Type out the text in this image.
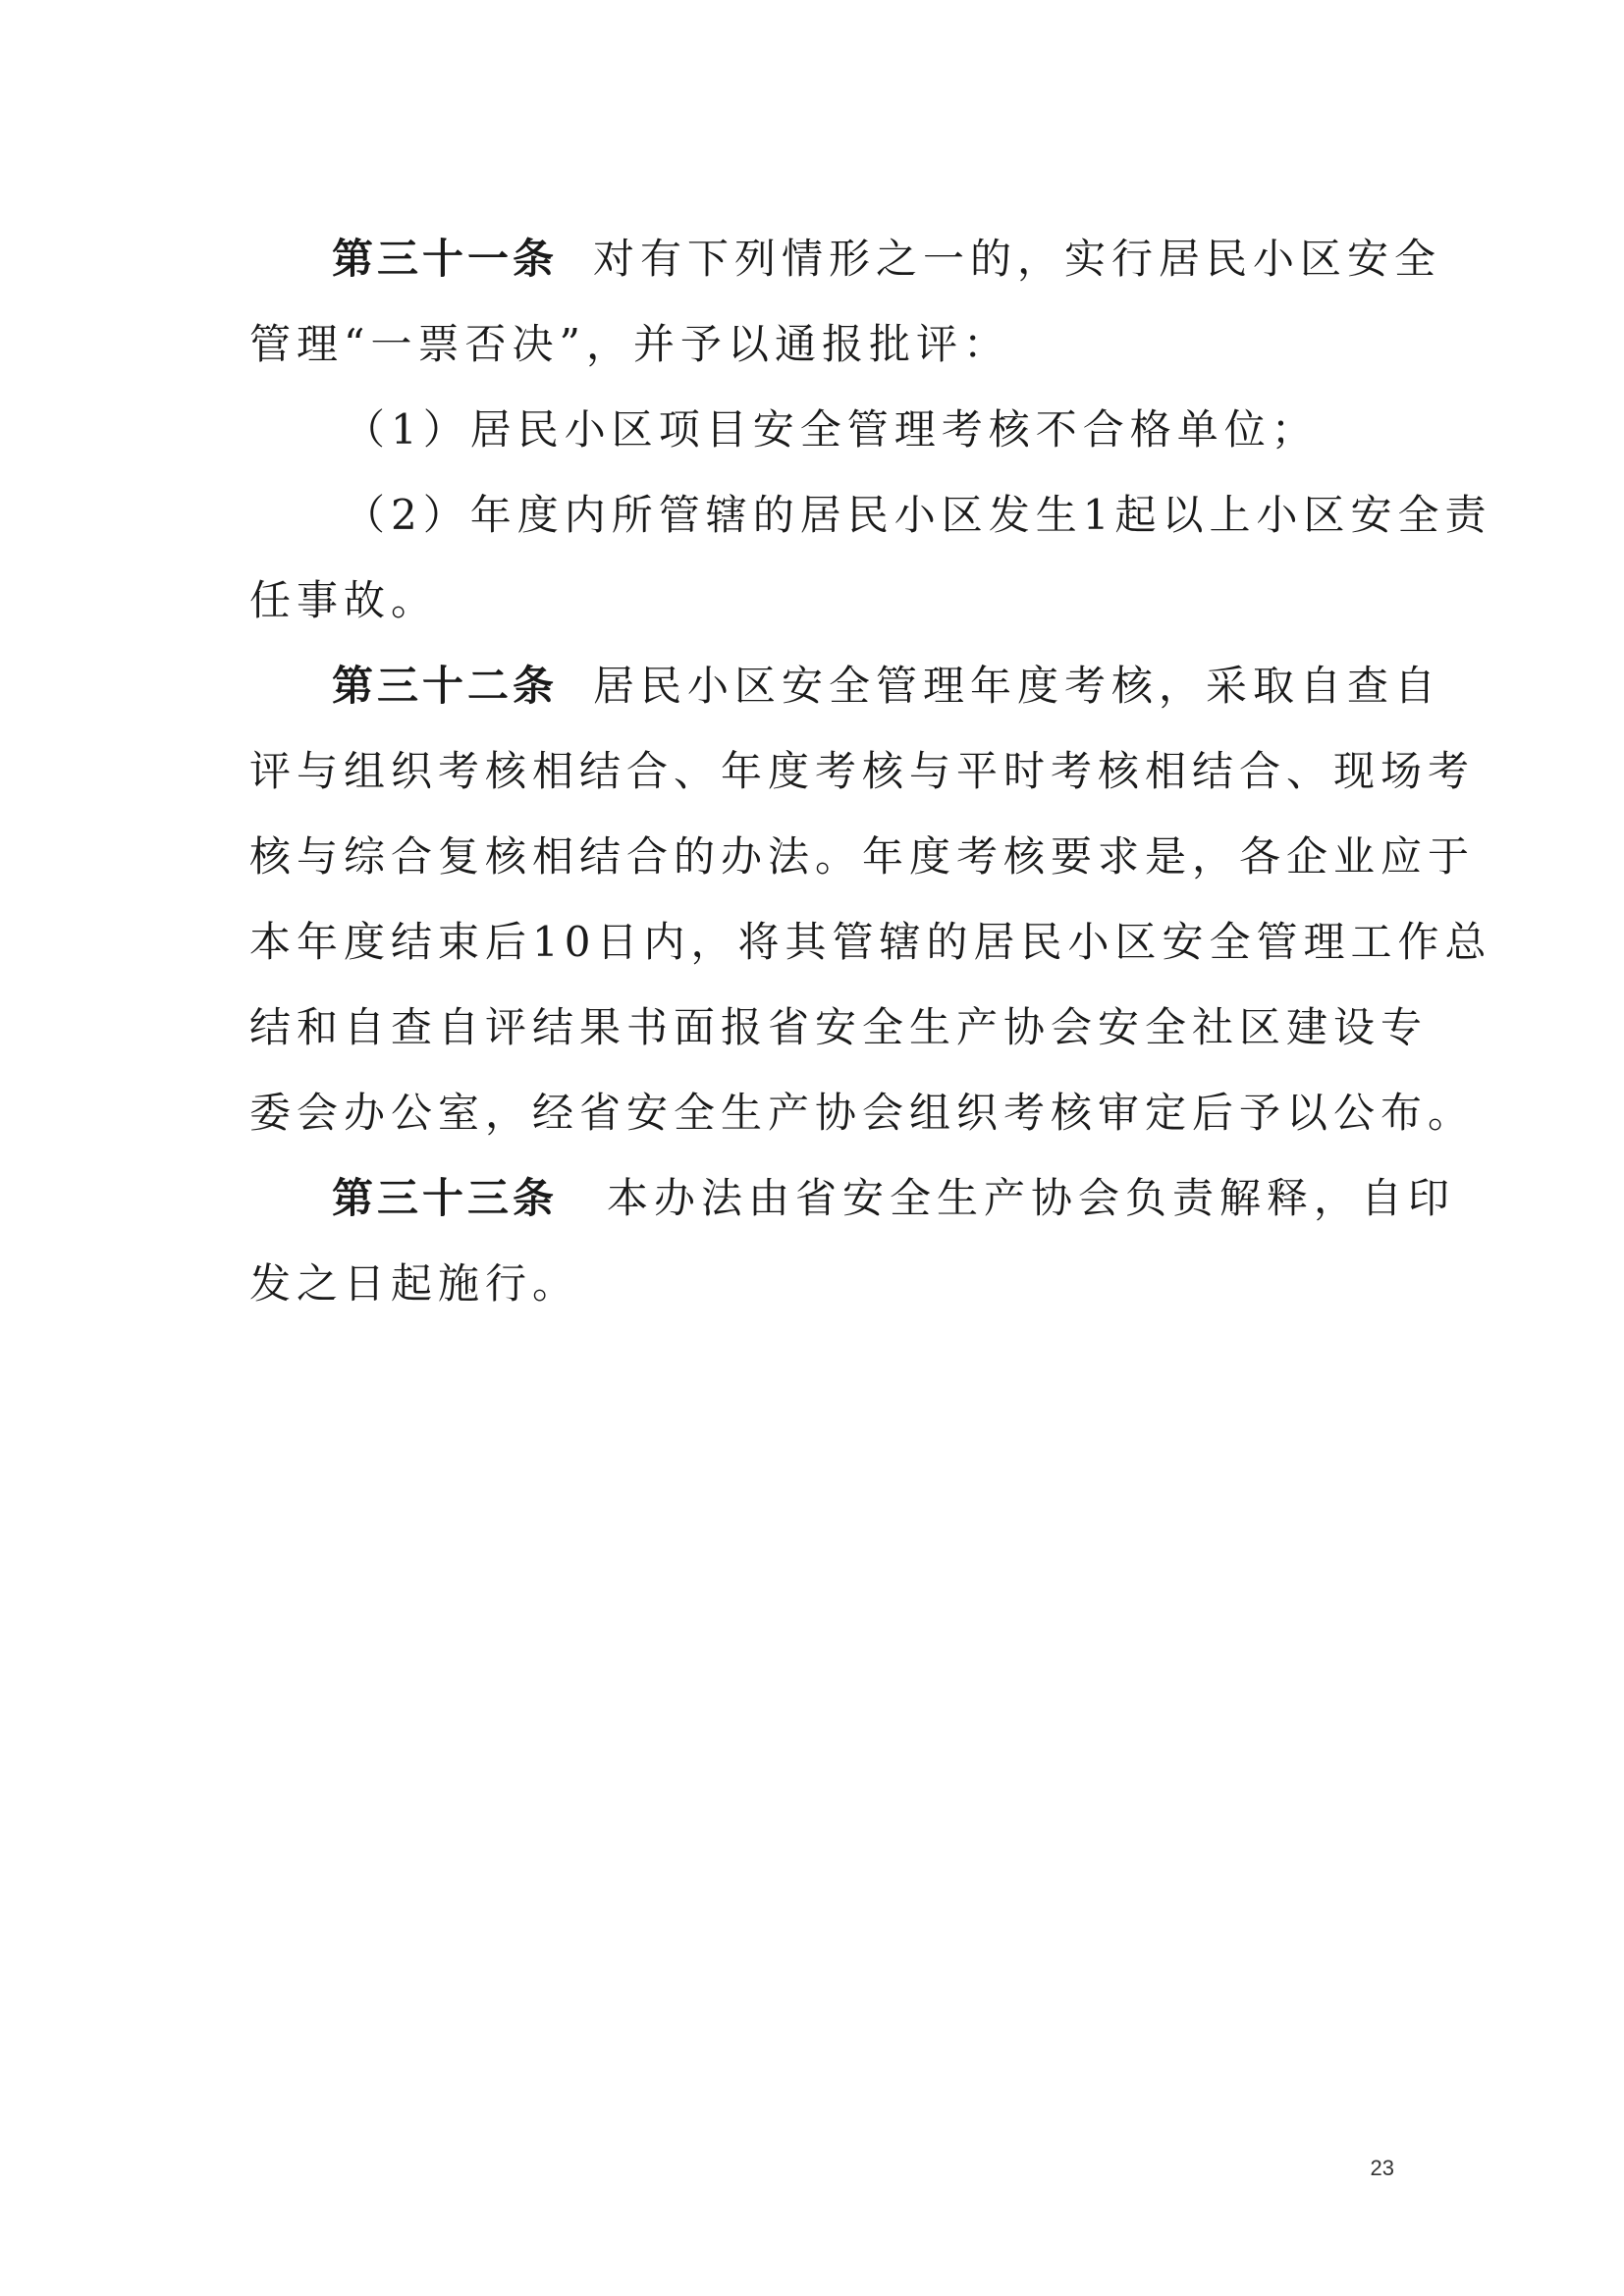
第三十一条 对有下列情形之一的，实行居民小区安全
管理“一票否决”，并予以通报批评：
（1）居民小区项目安全管理考核不合格单位；
（2）年度内所管辖的居民小区发生1起以上小区安全责
任事故。
第三十二条 居民小区安全管理年度考核，采取自查自
评与组织考核相结合、年度考核与平时考核相结合、现场考
核与综合复核相结合的办法。年度考核要求是，各企业应于
本年度结束后10日内，将其管辖的居民小区安全管理工作总
结和自查自评结果书面报省安全生产协会安全社区建设专
委会办公室，经省安全生产协会组织考核审定后予以公布。
第三十三条 本办法由省安全生产协会负责解释，自印
发之日起施行。
23
